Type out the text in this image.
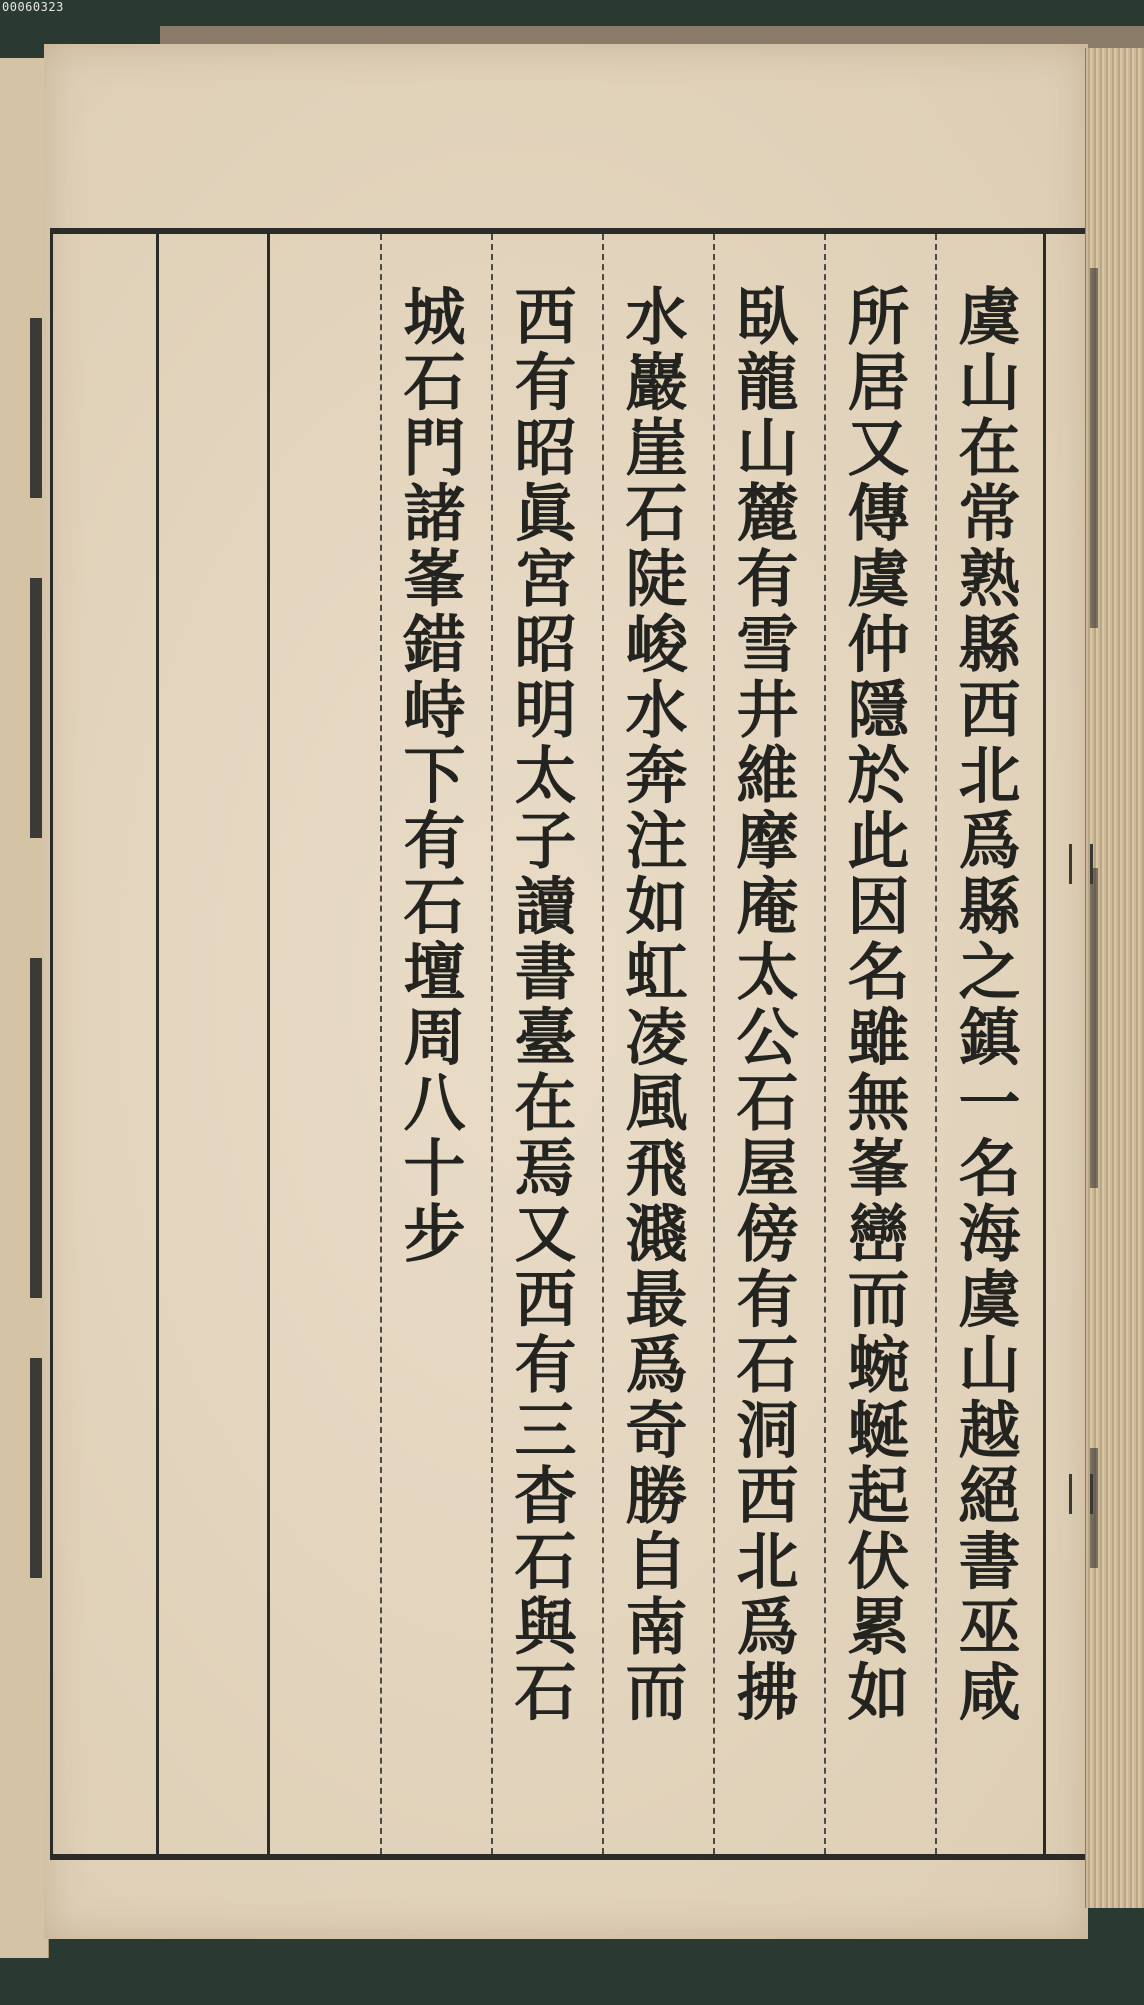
00060323
虞山在常熟縣西北爲縣之鎮一名海虞山越絕書巫咸
所居又傳虞仲隱於此因名雖無峯巒而蜿蜒起伏累如
臥龍山麓有雪井維摩庵太公石屋傍有石洞西北爲拂
水巖崖石陡峻水奔注如虹凌風飛濺最爲奇勝自南而
西有昭眞宮昭明太子讀書臺在焉又西有三杳石與石
城石門諸峯錯峙下有石壇周八十步
